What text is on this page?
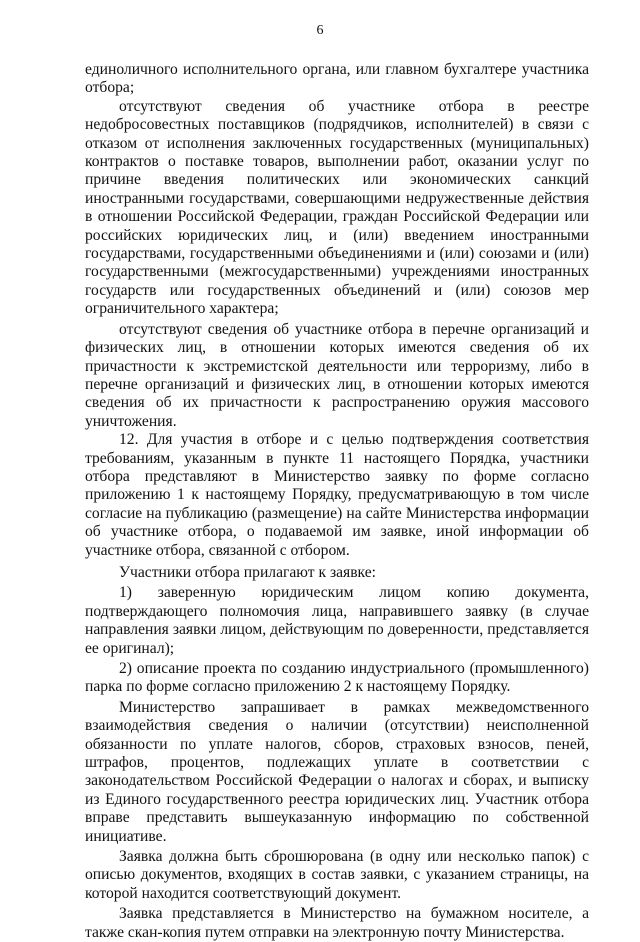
6

единоличного исполнительного органа, или главном бухгалтере участника отбора;

отсутствуют сведения об участнике отбора в реестре недобросовестных поставщиков (подрядчиков, исполнителей) в связи с отказом от исполнения заключенных государственных (муниципальных) контрактов о поставке товаров, выполнении работ, оказании услуг по причине введения политических или экономических санкций иностранными государствами, совершающими недружественные действия в отношении Российской Федерации, граждан Российской Федерации или российских юридических лиц, и (или) введением иностранными государствами, государственными объединениями и (или) союзами и (или) государственными (межгосударственными) учреждениями иностранных государств или государственных объединений и (или) союзов мер ограничительного характера;

отсутствуют сведения об участнике отбора в перечне организаций и физических лиц, в отношении которых имеются сведения об их причастности к экстремистской деятельности или терроризму, либо в перечне организаций и физических лиц, в отношении которых имеются сведения об их причастности к распространению оружия массового уничтожения.

12. Для участия в отборе и с целью подтверждения соответствия требованиям, указанным в пункте 11 настоящего Порядка, участники отбора представляют в Министерство заявку по форме согласно приложению 1 к настоящему Порядку, предусматривающую в том числе согласие на публикацию (размещение) на сайте Министерства информации об участнике отбора, о подаваемой им заявке, иной информации об участнике отбора, связанной с отбором.

Участники отбора прилагают к заявке:

1) заверенную юридическим лицом копию документа, подтверждающего полномочия лица, направившего заявку (в случае направления заявки лицом, действующим по доверенности, представляется ее оригинал);

2) описание проекта по созданию индустриального (промышленного) парка по форме согласно приложению 2 к настоящему Порядку.

Министерство запрашивает в рамках межведомственного взаимодействия сведения о наличии (отсутствии) неисполненной обязанности по уплате налогов, сборов, страховых взносов, пеней, штрафов, процентов, подлежащих уплате в соответствии с законодательством Российской Федерации о налогах и сборах, и выписку из Единого государственного реестра юридических лиц. Участник отбора вправе представить вышеуказанную информацию по собственной инициативе.

Заявка должна быть сброшюрована (в одну или несколько папок) с описью документов, входящих в состав заявки, с указанием страницы, на которой находится соответствующий документ.

Заявка представляется в Министерство на бумажном носителе, а также скан-копия путем отправки на электронную почту Министерства.
